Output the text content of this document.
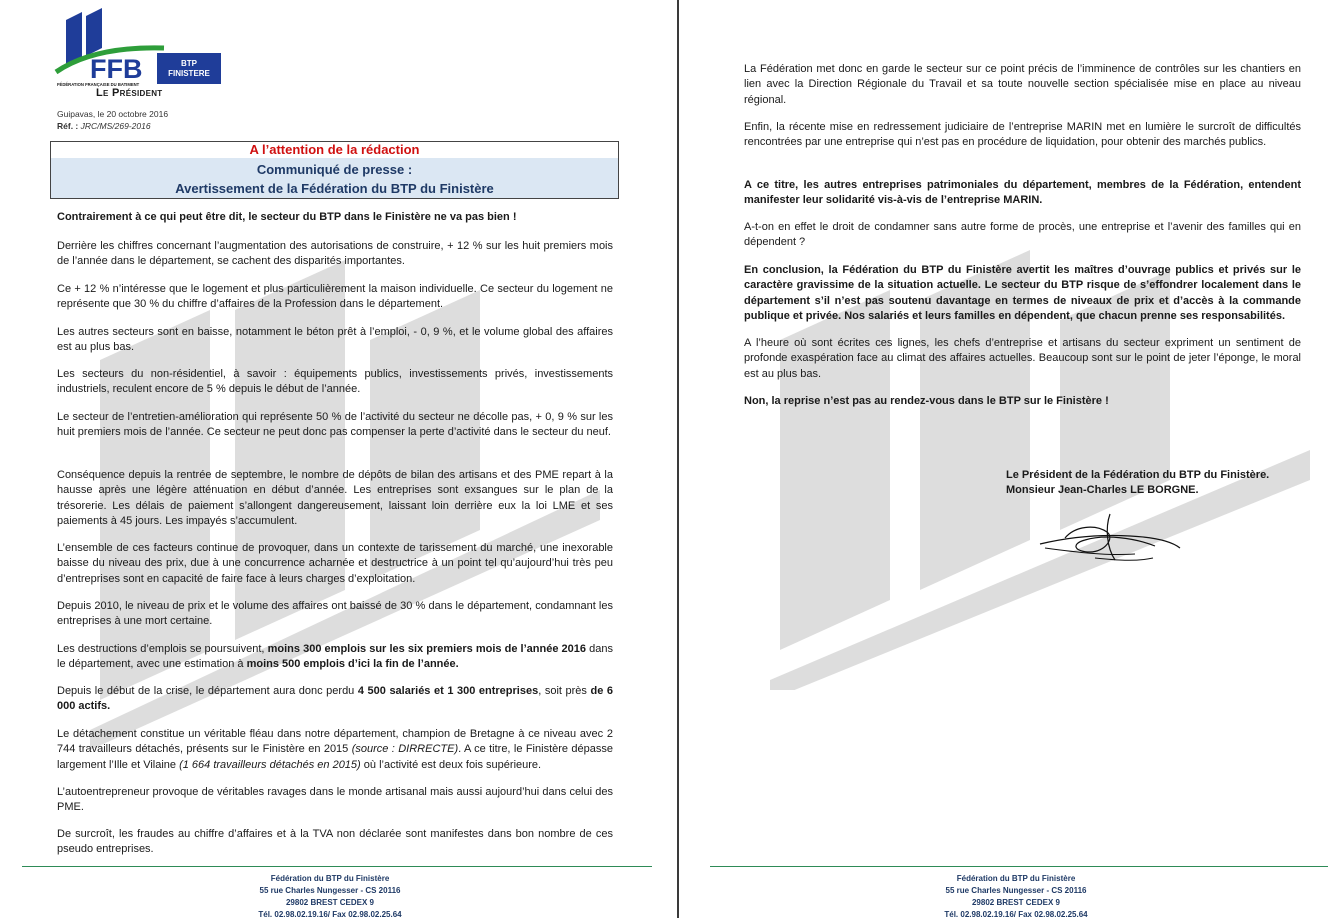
FFB	BTP
FINISTERE
FÉDÉRATION FRANÇAISE DU BATIMENT
Le Président
Guipavas, le 20 octobre 2016
Réf. : JRC/MS/269-2016
A l’attention de la rédaction
Communiqué de presse :
Avertissement de la Fédération du BTP du Finistère
Contrairement à ce qui peut être dit, le secteur du BTP dans le Finistère ne va pas bien !
Derrière les chiffres concernant l’augmentation des autorisations de construire, + 12 % sur les huit premiers mois de l’année dans le département, se cachent des disparités importantes.
Ce + 12 % n’intéresse que le logement et plus particulièrement la maison individuelle. Ce secteur du logement ne représente que 30 % du chiffre d’affaires de la Profession dans le département.
Les autres secteurs sont en baisse, notamment le béton prêt à l’emploi, - 0, 9 %, et le volume global des affaires est au plus bas.
Les secteurs du non-résidentiel, à savoir : équipements publics, investissements privés, investissements industriels, reculent encore de 5 % depuis le début de l’année.
Le secteur de l’entretien-amélioration qui représente 50 % de l’activité du secteur ne décolle pas, + 0, 9 % sur les huit premiers mois de l’année. Ce secteur ne peut donc pas compenser la perte d’activité dans le secteur du neuf.
Conséquence depuis la rentrée de septembre, le nombre de dépôts de bilan des artisans et des PME repart à la hausse après une légère atténuation en début d’année. Les entreprises sont exsangues sur le plan de la trésorerie. Les délais de paiement s’allongent dangereusement, laissant loin derrière eux la loi LME et ses paiements à 45 jours. Les impayés s’accumulent.
L’ensemble de ces facteurs continue de provoquer, dans un contexte de tarissement du marché, une inexorable baisse du niveau des prix, due à une concurrence acharnée et destructrice à un point tel qu’aujourd’hui très peu d’entreprises sont en capacité de faire face à leurs charges d’exploitation.
Depuis 2010, le niveau de prix et le volume des affaires ont baissé de 30 % dans le département, condamnant les entreprises à une mort certaine.
Les destructions d’emplois se poursuivent, moins 300 emplois sur les six premiers mois de l’année 2016 dans le département, avec une estimation à moins 500 emplois d’ici la fin de l’année.
Depuis le début de la crise, le département aura donc perdu 4 500 salariés et 1 300 entreprises, soit près de 6 000 actifs.
Le détachement constitue un véritable fléau dans notre département, champion de Bretagne à ce niveau avec 2 744 travailleurs détachés, présents sur le Finistère en 2015 (source : DIRRECTE). A ce titre, le Finistère dépasse largement l’Ille et Vilaine (1 664 travailleurs détachés en 2015) où l’activité est deux fois supérieure.
L’autoentrepreneur provoque de véritables ravages dans le monde artisanal mais aussi aujourd’hui dans celui des PME.
De surcroît, les fraudes au chiffre d’affaires et à la TVA non déclarée sont manifestes dans bon nombre de ces pseudo entreprises.
Fédération du BTP du Finistère
55 rue Charles Nungesser - CS 20116
29802 BREST CEDEX 9
Tél. 02.98.02.19.16/ Fax 02.98.02.25.64
La Fédération met donc en garde le secteur sur ce point précis de l’imminence de contrôles sur les chantiers en lien avec la Direction Régionale du Travail et sa toute nouvelle section spécialisée mise en place au niveau régional.
Enfin, la récente mise en redressement judiciaire de l’entreprise MARIN met en lumière le surcroît de difficultés rencontrées par une entreprise qui n’est pas en procédure de liquidation, pour obtenir des marchés publics.
A ce titre, les autres entreprises patrimoniales du département, membres de la Fédération, entendent manifester leur solidarité vis-à-vis de l’entreprise MARIN.
A-t-on en effet le droit de condamner sans autre forme de procès, une entreprise et l’avenir des familles qui en dépendent ?
En conclusion, la Fédération du BTP du Finistère avertit les maîtres d’ouvrage publics et privés sur le caractère gravissime de la situation actuelle. Le secteur du BTP risque de s’effondrer localement dans le département s’il n’est pas soutenu davantage en termes de niveaux de prix et d’accès à la commande publique et privée. Nos salariés et leurs familles en dépendent, que chacun prenne ses responsabilités.
A l’heure où sont écrites ces lignes, les chefs d’entreprise et artisans du secteur expriment un sentiment de profonde exaspération face au climat des affaires actuelles. Beaucoup sont sur le point de jeter l’éponge, le moral est au plus bas.
Non, la reprise n’est pas au rendez-vous dans le BTP sur le Finistère !
Le Président de la Fédération du BTP du Finistère.
Monsieur Jean-Charles LE BORGNE.
Fédération du BTP du Finistère
55 rue Charles Nungesser - CS 20116
29802 BREST CEDEX 9
Tél. 02.98.02.19.16/ Fax 02.98.02.25.64
